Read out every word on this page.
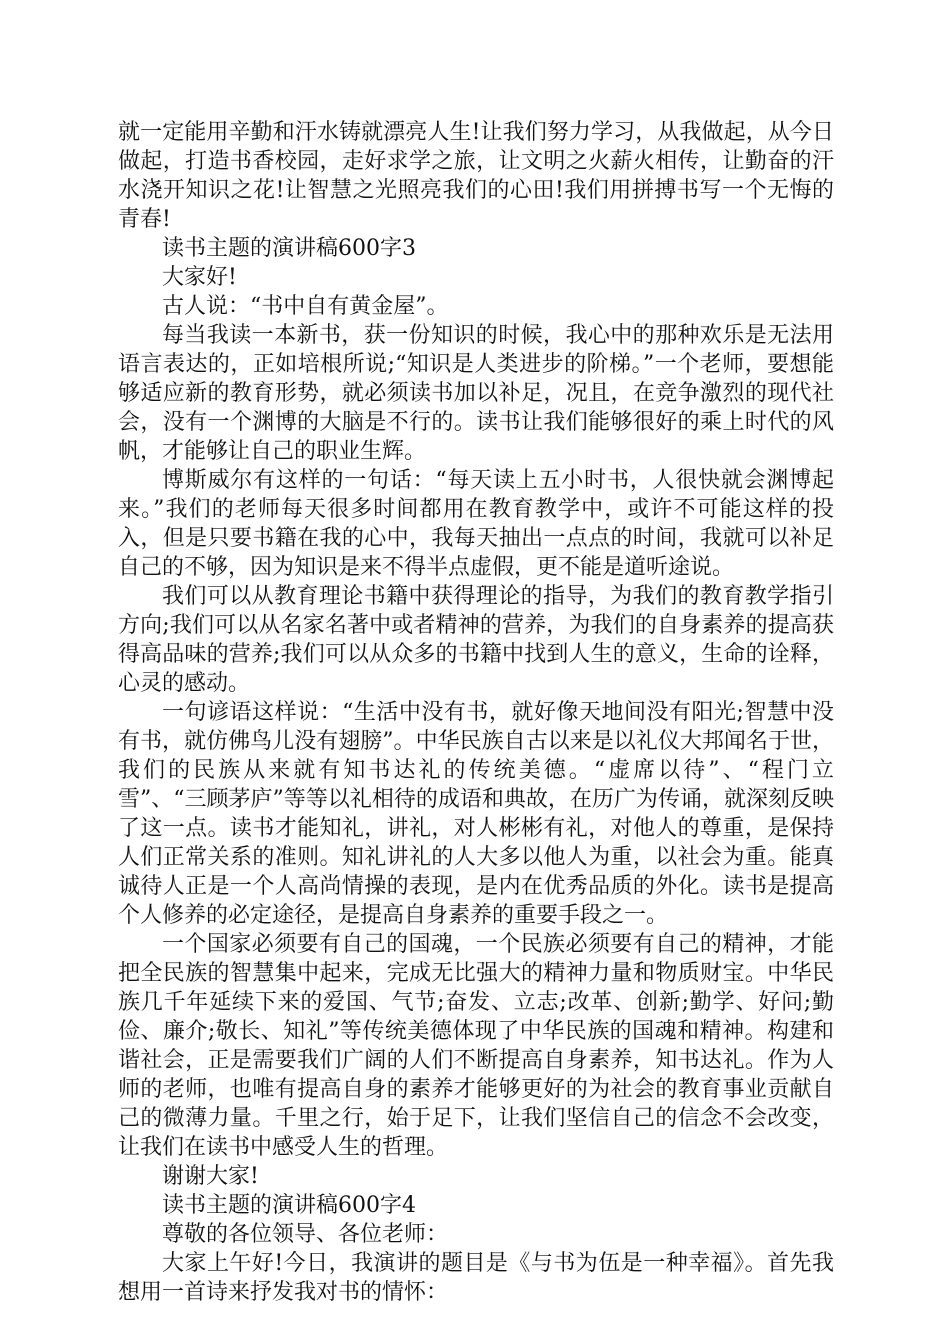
就一定能用辛勤和汗水铸就漂亮人生!让我们努力学习，从我做起，从今日做起，打造书香校园，走好求学之旅，让文明之火薪火相传，让勤奋的汗水浇开知识之花!让智慧之光照亮我们的心田!我们用拼搏书写一个无悔的青春!

读书主题的演讲稿600字3

大家好!

古人说：“书中自有黄金屋”。

每当我读一本新书，获一份知识的时候，我心中的那种欢乐是无法用语言表达的，正如培根所说;“知识是人类进步的阶梯。”一个老师，要想能够适应新的教育形势，就必须读书加以补足，况且，在竞争激烈的现代社会，没有一个渊博的大脑是不行的。读书让我们能够很好的乘上时代的风帆，才能够让自己的职业生辉。

博斯威尔有这样的一句话：“每天读上五小时书，人很快就会渊博起来。”我们的老师每天很多时间都用在教育教学中，或许不可能这样的投入，但是只要书籍在我的心中，我每天抽出一点点的时间，我就可以补足自己的不够，因为知识是来不得半点虚假，更不能是道听途说。

我们可以从教育理论书籍中获得理论的指导，为我们的教育教学指引方向;我们可以从名家名著中或者精神的营养，为我们的自身素养的提高获得高品味的营养;我们可以从众多的书籍中找到人生的意义，生命的诠释，心灵的感动。

一句谚语这样说：“生活中没有书，就好像天地间没有阳光;智慧中没有书，就仿佛鸟儿没有翅膀”。中华民族自古以来是以礼仪大邦闻名于世，我们的民族从来就有知书达礼的传统美德。“虚席以待”、“程门立雪”、“三顾茅庐”等等以礼相待的成语和典故，在历广为传诵，就深刻反映了这一点。读书才能知礼，讲礼，对人彬彬有礼，对他人的尊重，是保持人们正常关系的准则。知礼讲礼的人大多以他人为重，以社会为重。能真诚待人正是一个人高尚情操的表现，是内在优秀品质的外化。读书是提高个人修养的必定途径，是提高自身素养的重要手段之一。

一个国家必须要有自己的国魂，一个民族必须要有自己的精神，才能把全民族的智慧集中起来，完成无比强大的精神力量和物质财宝。中华民族几千年延续下来的爱国、气节;奋发、立志;改革、创新;勤学、好问;勤俭、廉介;敬长、知礼”等传统美德体现了中华民族的国魂和精神。构建和谐社会，正是需要我们广阔的人们不断提高自身素养，知书达礼。作为人师的老师，也唯有提高自身的素养才能够更好的为社会的教育事业贡献自己的微薄力量。千里之行，始于足下，让我们坚信自己的信念不会改变，让我们在读书中感受人生的哲理。

谢谢大家!

读书主题的演讲稿600字4

尊敬的各位领导、各位老师：

大家上午好!今日，我演讲的题目是《与书为伍是一种幸福》。首先我想用一首诗来抒发我对书的情怀：
